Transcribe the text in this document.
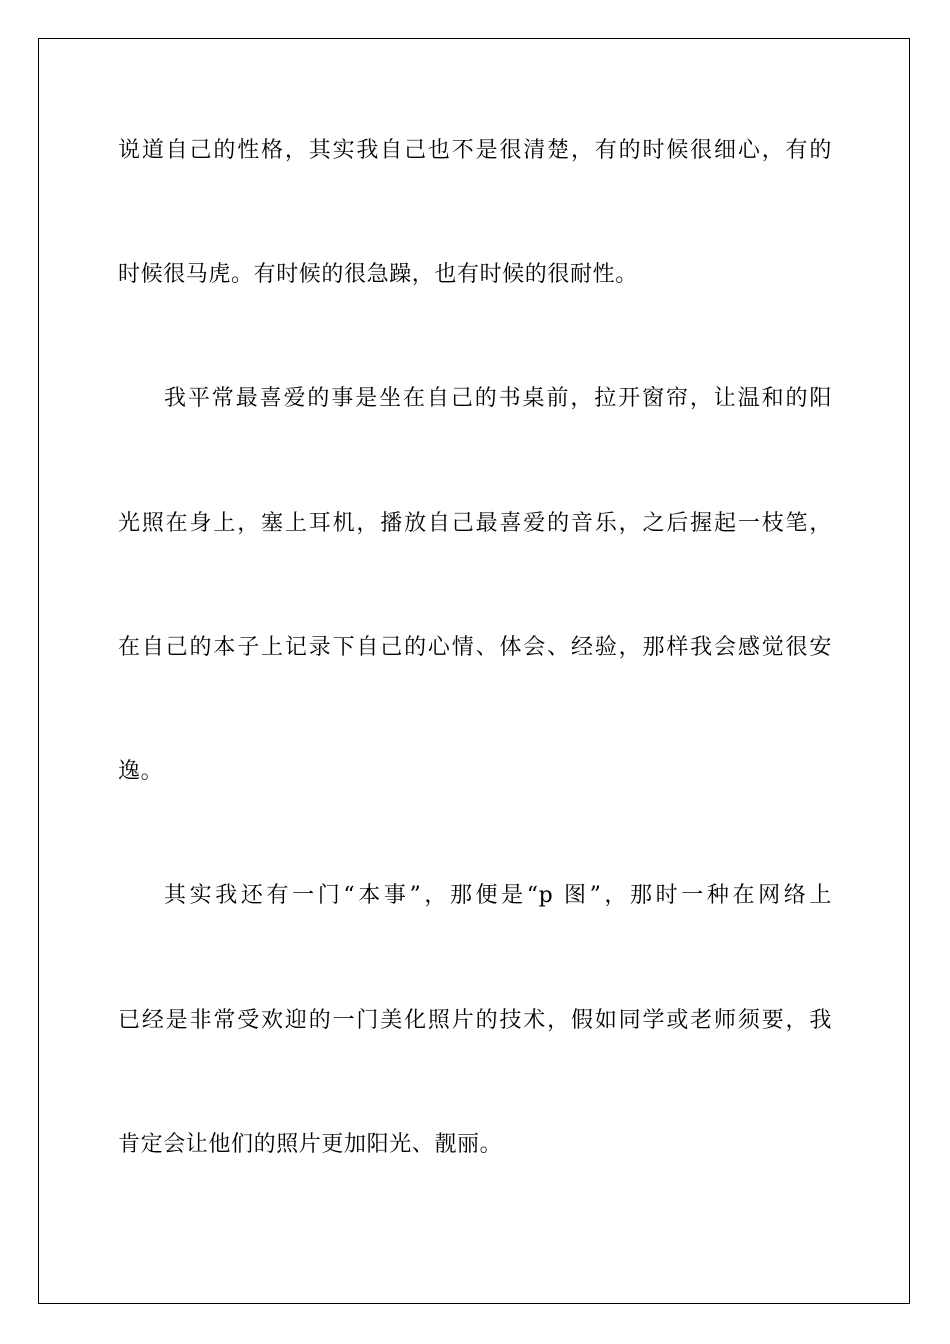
说道自己的性格，其实我自己也不是很清楚，有的时候很细心，有的
时候很马虎。有时候的很急躁，也有时候的很耐性。
我平常最喜爱的事是坐在自己的书桌前，拉开窗帘，让温和的阳
光照在身上，塞上耳机，播放自己最喜爱的音乐，之后握起一枝笔，
在自己的本子上记录下自己的心情、体会、经验，那样我会感觉很安
逸。
其实我还有一门“本事”，那便是“p 图”，那时一种在网络上
已经是非常受欢迎的一门美化照片的技术，假如同学或老师须要，我
肯定会让他们的照片更加阳光、靓丽。
